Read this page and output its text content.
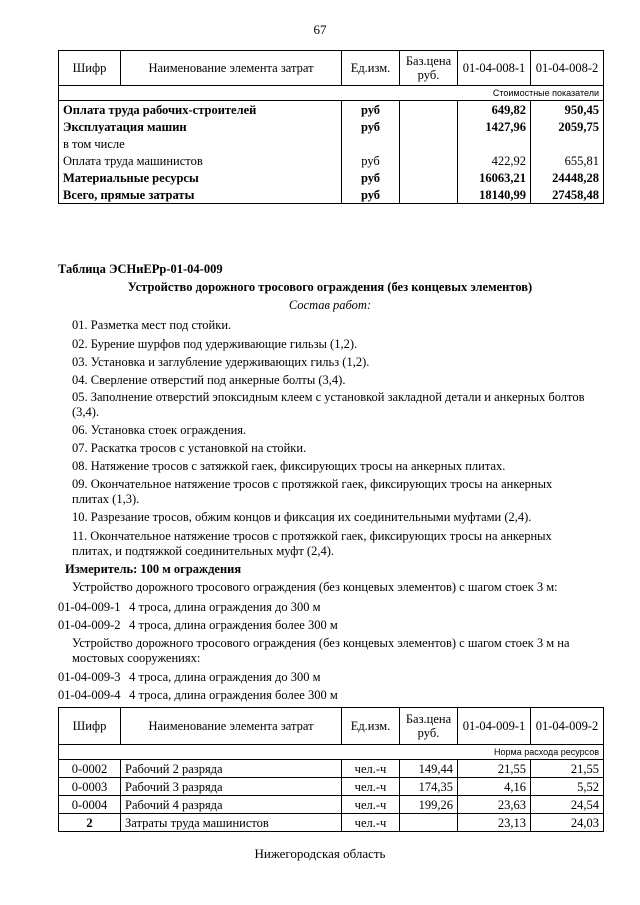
67
Шифр	Наименование элемента затрат	Ед.изм.	Баз.цена руб.	01-04-008-1	01-04-008-2
Стоимостные показатели					
Оплата труда рабочих-строителей		руб		649,82	950,45
Эксплуатация машин		руб		1427,96	2059,75
в том числе					
Оплата труда машинистов		руб		422,92	655,81
Материальные ресурсы		руб		16063,21	24448,28
Всего, прямые затраты		руб		18140,99	27458,48
Таблица ЭСНиЕРр-01-04-009
Устройство дорожного тросового ограждения (без концевых элементов)
Состав работ:
01. Разметка мест под стойки.
02. Бурение шурфов под удерживающие гильзы (1,2).
03. Установка и заглубление удерживающих гильз (1,2).
04. Сверление отверстий под анкерные болты (3,4).
05. Заполнение отверстий эпоксидным клеем с установкой закладной детали и анкерных болтов (3,4).
06. Установка стоек ограждения.
07. Раскатка тросов с установкой на стойки.
08. Натяжение тросов с затяжкой гаек, фиксирующих тросы на анкерных плитах.
09. Окончательное натяжение тросов с протяжкой гаек, фиксирующих тросы на анкерных плитах (1,3).
10. Разрезание тросов, обжим концов и фиксация их соединительными муфтами (2,4).
11. Окончательное натяжение тросов с протяжкой гаек, фиксирующих тросы на анкерных плитах, и подтяжкой соединительных муфт (2,4).
Измеритель: 100 м ограждения
Устройство дорожного тросового ограждения (без концевых элементов) с шагом стоек 3 м:
01-04-009-1 4 троса, длина ограждения до 300 м
01-04-009-2 4 троса, длина ограждения более 300 м
Устройство дорожного тросового ограждения (без концевых элементов) с шагом стоек 3 м на мостовых сооружениях:
01-04-009-3 4 троса, длина ограждения до 300 м
01-04-009-4 4 троса, длина ограждения более 300 м
Шифр	Наименование элемента затрат	Ед.изм.	Баз.цена руб.	01-04-009-1	01-04-009-2
Норма расхода ресурсов					
0-0002	Рабочий 2 разряда	чел.-ч	149,44	21,55	21,55
0-0003	Рабочий 3 разряда	чел.-ч	174,35	4,16	5,52
0-0004	Рабочий 4 разряда	чел.-ч	199,26	23,63	24,54
2	Затраты труда машинистов	чел.-ч		23,13	24,03
Нижегородская область
